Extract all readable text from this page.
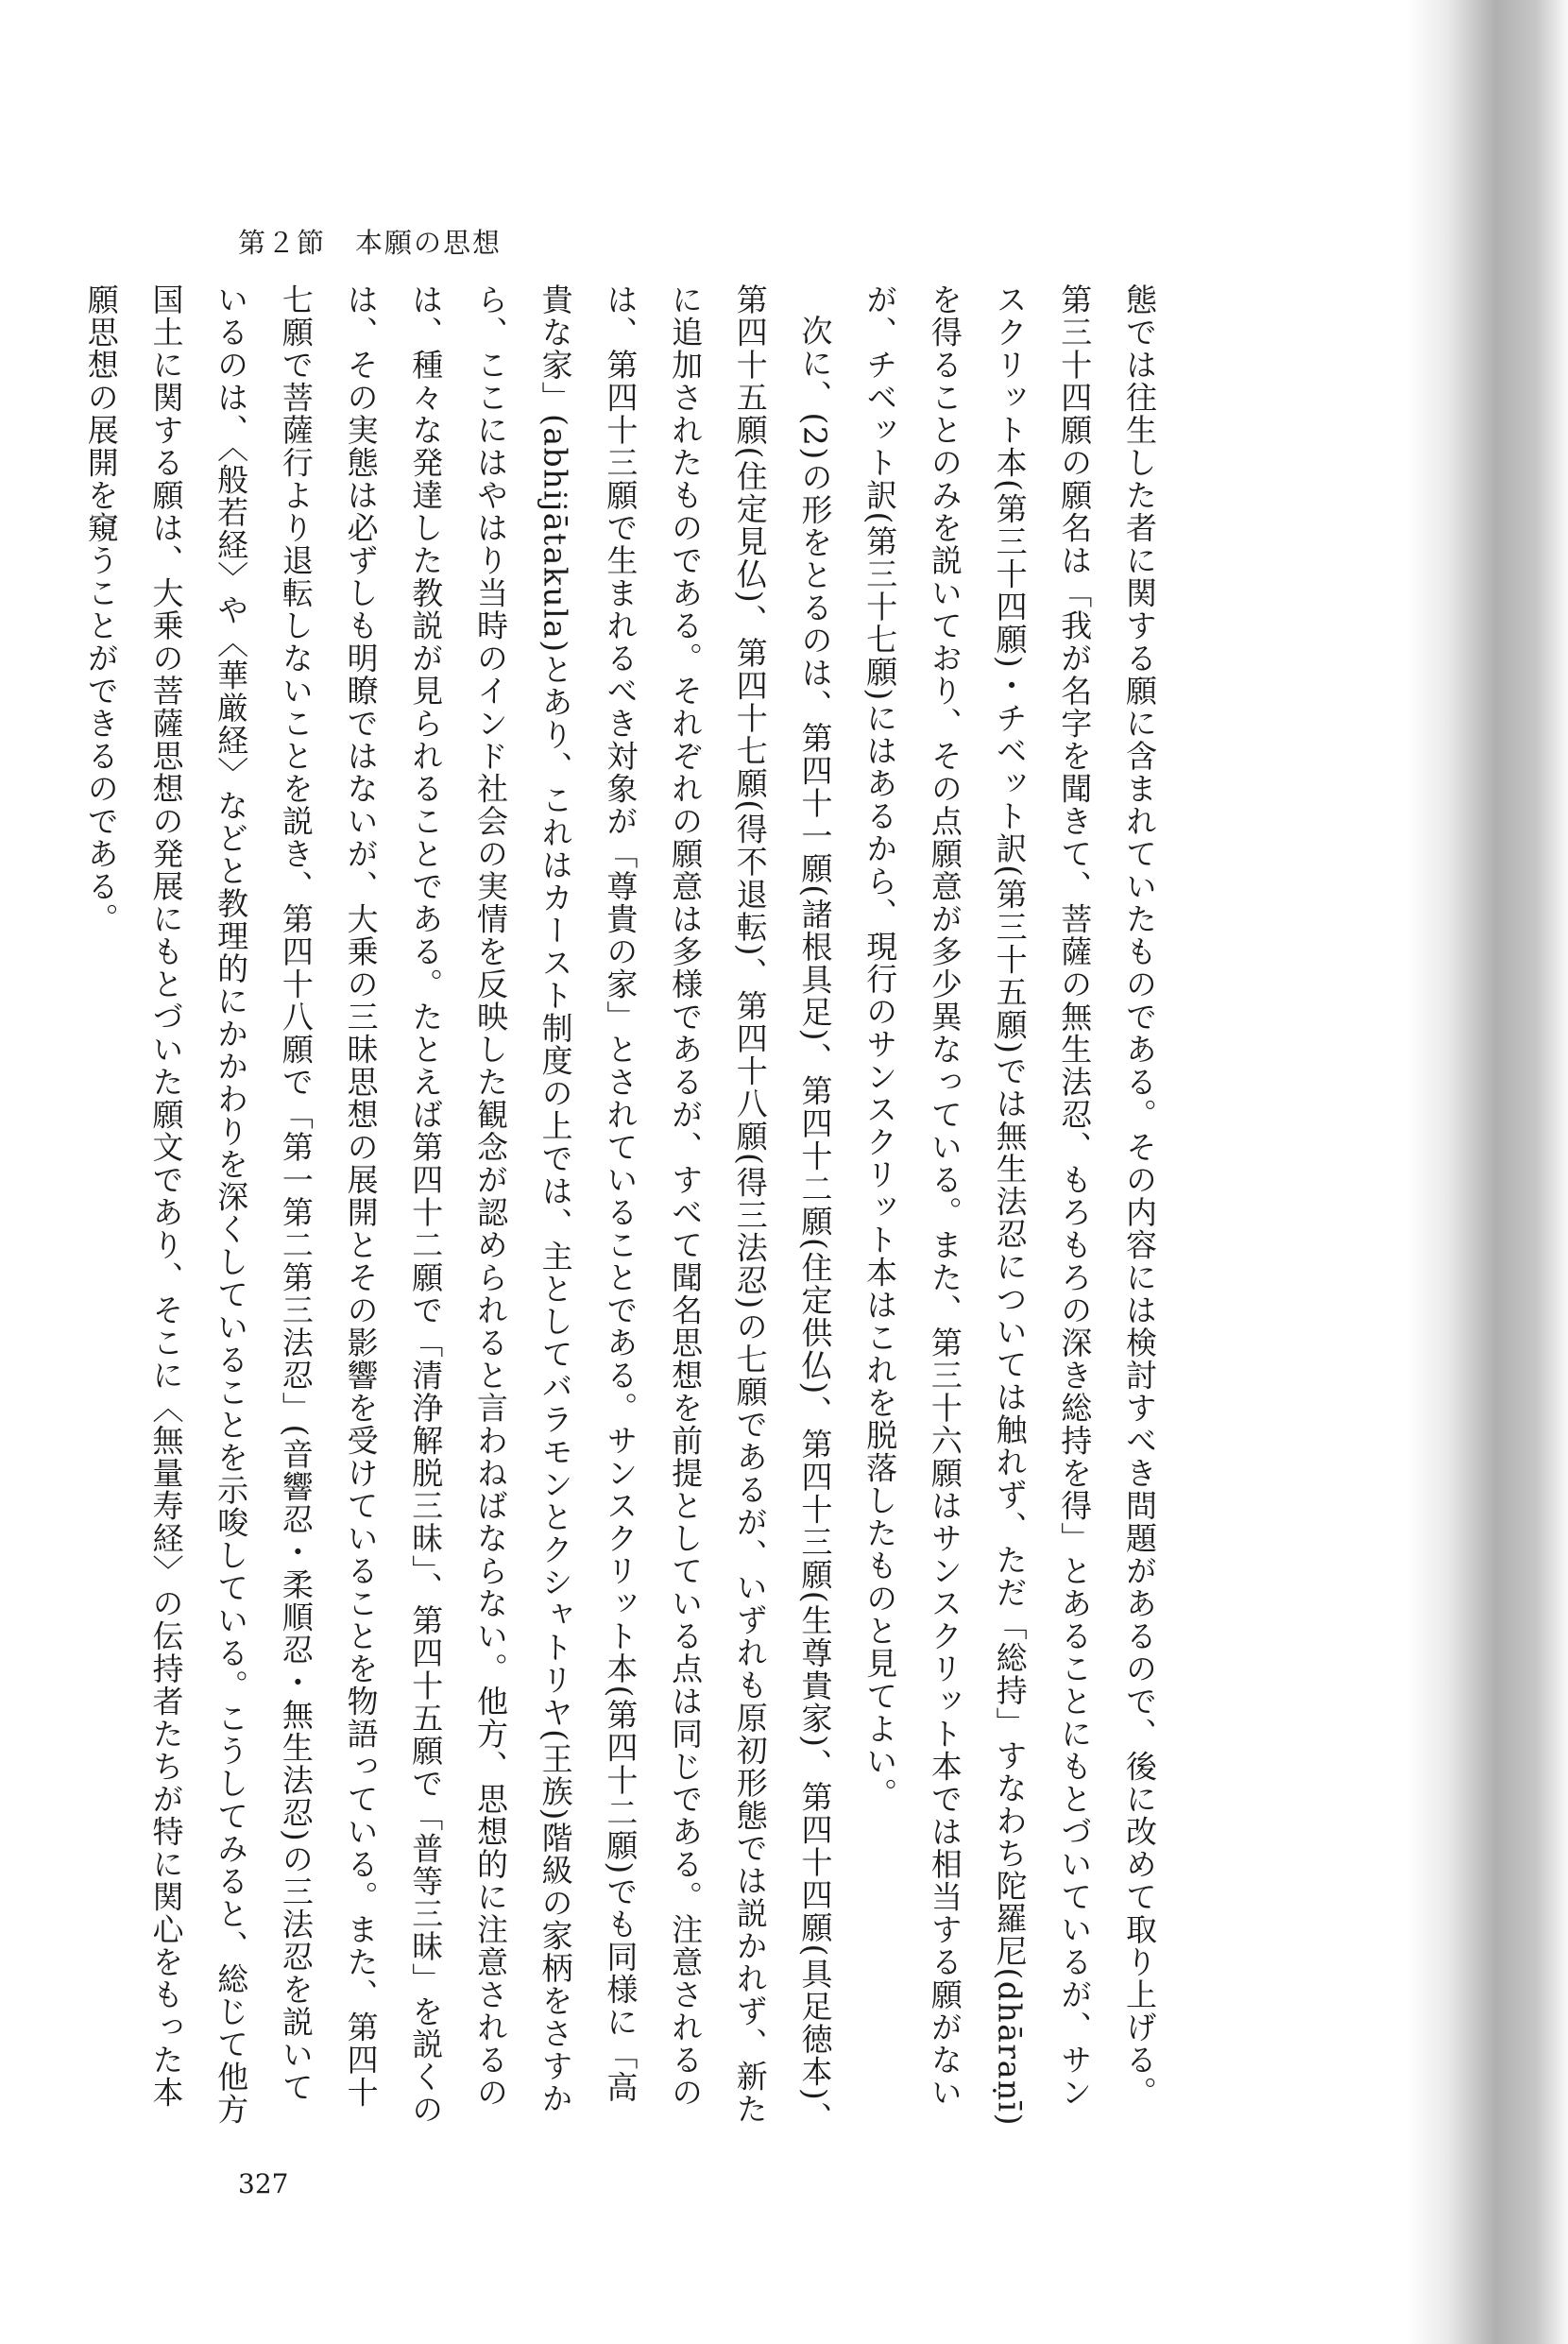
第２節　本願の思想

態では往生した者に関する願に含まれていたものである。その内容には検討すべき問題があるので、後に改めて取り上げる。第三十四願の願名は「我が名字を聞きて、菩薩の無生法忍、もろもろの深き総持を得」とあることにもとづいているが、サンスクリット本(第三十四願)・チベット訳(第三十五願)では無生法忍については触れず、ただ「総持」すなわち陀羅尼(dhāraṇī)を得ることのみを説いており、その点願意が多少異なっている。また、第三十六願はサンスクリット本では相当する願がないが、チベット訳(第三十七願)にはあるから、現行のサンスクリット本はこれを脱落したものと見てよい。

次に、(2)の形をとるのは、第四十一願(諸根具足)、第四十二願(住定供仏)、第四十三願(生尊貴家)、第四十四願(具足徳本)、第四十五願(住定見仏)、第四十七願(得不退転)、第四十八願(得三法忍)の七願であるが、いずれも原初形態では説かれず、新たに追加されたものである。それぞれの願意は多様であるが、すべて聞名思想を前提としている点は同じである。注意されるのは、第四十三願で生まれるべき対象が「尊貴の家」とされていることである。サンスクリット本(第四十二願)でも同様に「高貴な家」(abhijātakula)とあり、これはカースト制度の上では、主としてバラモンとクシャトリヤ(王族)階級の家柄をさすから、ここにはやはり当時のインド社会の実情を反映した観念が認められると言わねばならない。他方、思想的に注意されるのは、種々な発達した教説が見られることである。たとえば第四十二願で「清浄解脱三昧」、第四十五願で「普等三昧」を説くのは、その実態は必ずしも明瞭ではないが、大乗の三昧思想の展開とその影響を受けていることを物語っている。また、第四十七願で菩薩行より退転しないことを説き、第四十八願で「第一第二第三法忍」(音響忍・柔順忍・無生法忍)の三法忍を説いているのは、〈般若経〉や〈華厳経〉などと教理的にかかわりを深くしていることを示唆している。こうしてみると、総じて他方国土に関する願は、大乗の菩薩思想の発展にもとづいた願文であり、そこに〈無量寿経〉の伝持者たちが特に関心をもった本願思想の展開を窺うことができるのである。

327
